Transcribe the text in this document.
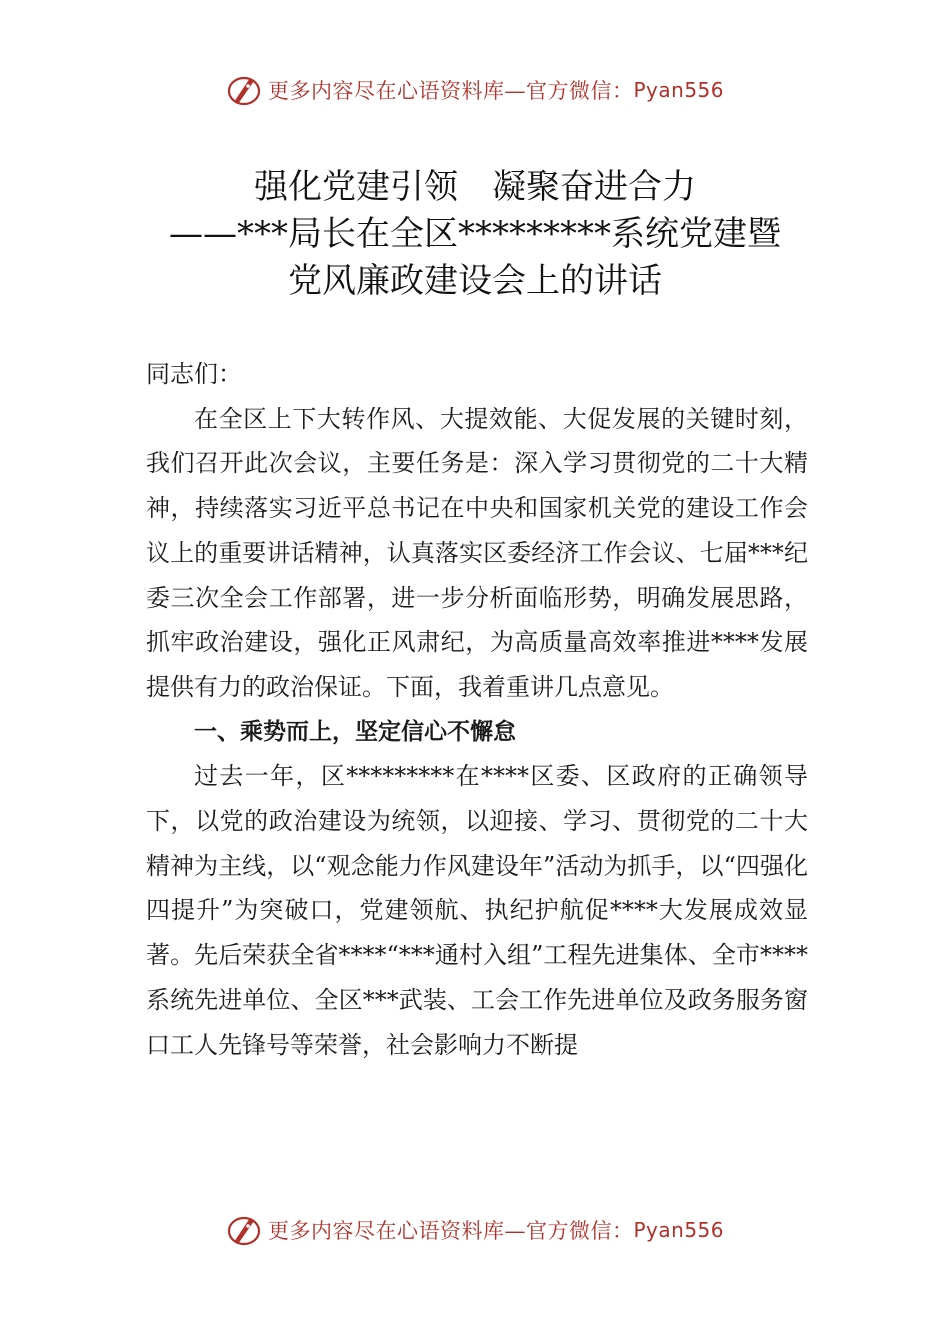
更多内容尽在心语资料库—官方微信： Pyan556
强化党建引领　凝聚奋进合力
——***局长在全区*********系统党建暨
党风廉政建设会上的讲话

同志们：

在全区上下大转作风、大提效能、大促发展的关键时刻，我们召开此次会议，主要任务是：深入学习贯彻党的二十大精神，持续落实习近平总书记在中央和国家机关党的建设工作会议上的重要讲话精神，认真落实区委经济工作会议、七届***纪委三次全会工作部署，进一步分析面临形势，明确发展思路，抓牢政治建设，强化正风肃纪，为高质量高效率推进****发展提供有力的政治保证。下面，我着重讲几点意见。

一、乘势而上，坚定信心不懈怠

过去一年，区*********在****区委、区政府的正确领导下，以党的政治建设为统领，以迎接、学习、贯彻党的二十大精神为主线，以“观念能力作风建设年”活动为抓手，以“四强化四提升”为突破口，党建领航、执纪护航促****大发展成效显著。先后荣获全省****“***通村入组”工程先进集体、全市****系统先进单位、全区***武装、工会工作先进单位及政务服务窗口工人先锋号等荣誉，社会影响力不断提

更多内容尽在心语资料库—官方微信： Pyan556
